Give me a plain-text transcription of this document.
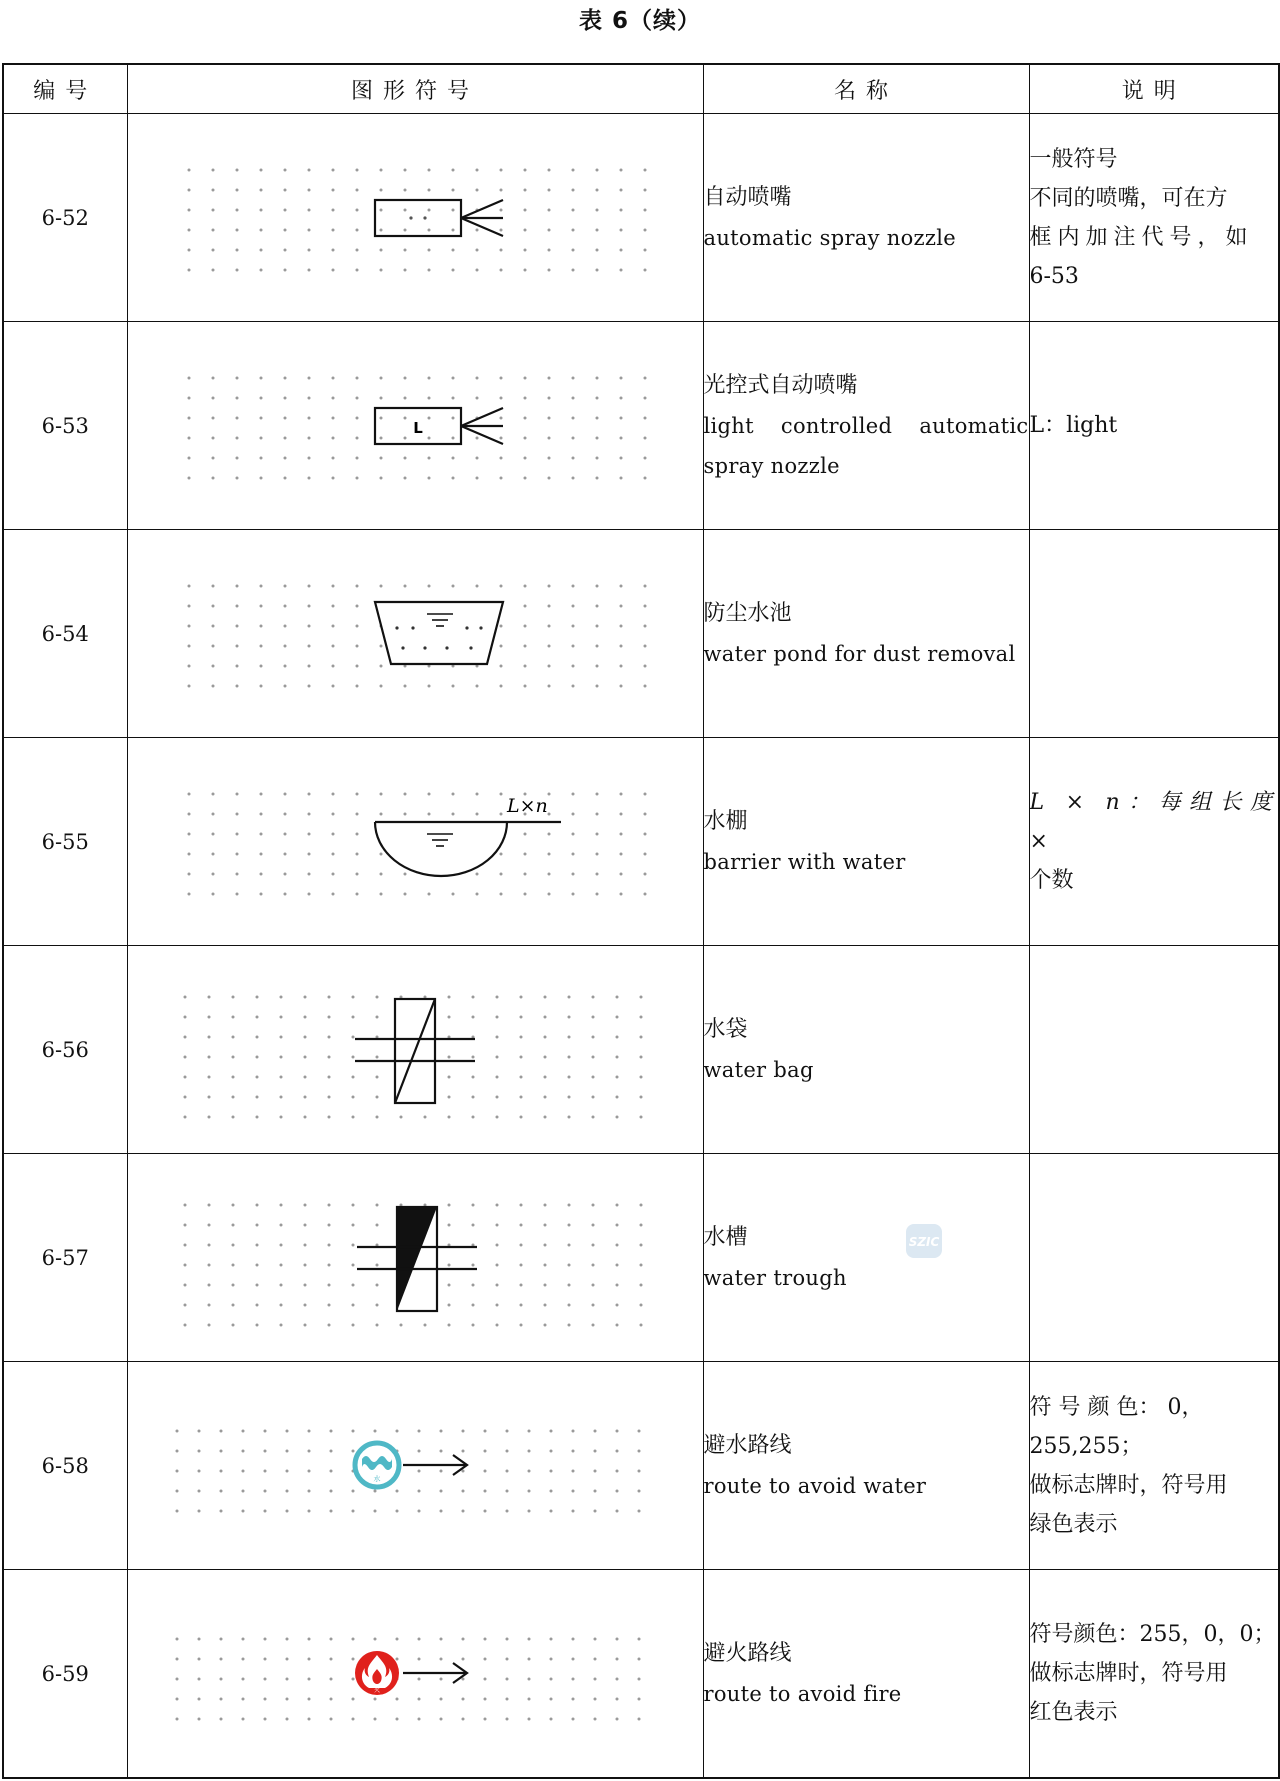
表 6（续）
编号	图形符号	名称	说明
6-52		自动喷嘴
automatic spray nozzle	一般符号
不同的喷嘴，可在方
框内加注代号，如
6-53

6-53	L	光控式自动喷嘴
light controlled automatic spray nozzle	L：light

6-54		防尘水池
water pond for dust removal	

6-55	L×n	水棚
barrier with water	L × n：每组长度 ×
个数

6-56		水袋
water bag	

6-57		水槽
water trough	

6-58	水	避水路线
route to avoid water	符 号 颜 色： 0，
255,255；
做标志牌时，符号用
绿色表示

6-59	火	避火路线
route to avoid fire	符号颜色：255，0，0；
做标志牌时，符号用
红色表示
SZIC
